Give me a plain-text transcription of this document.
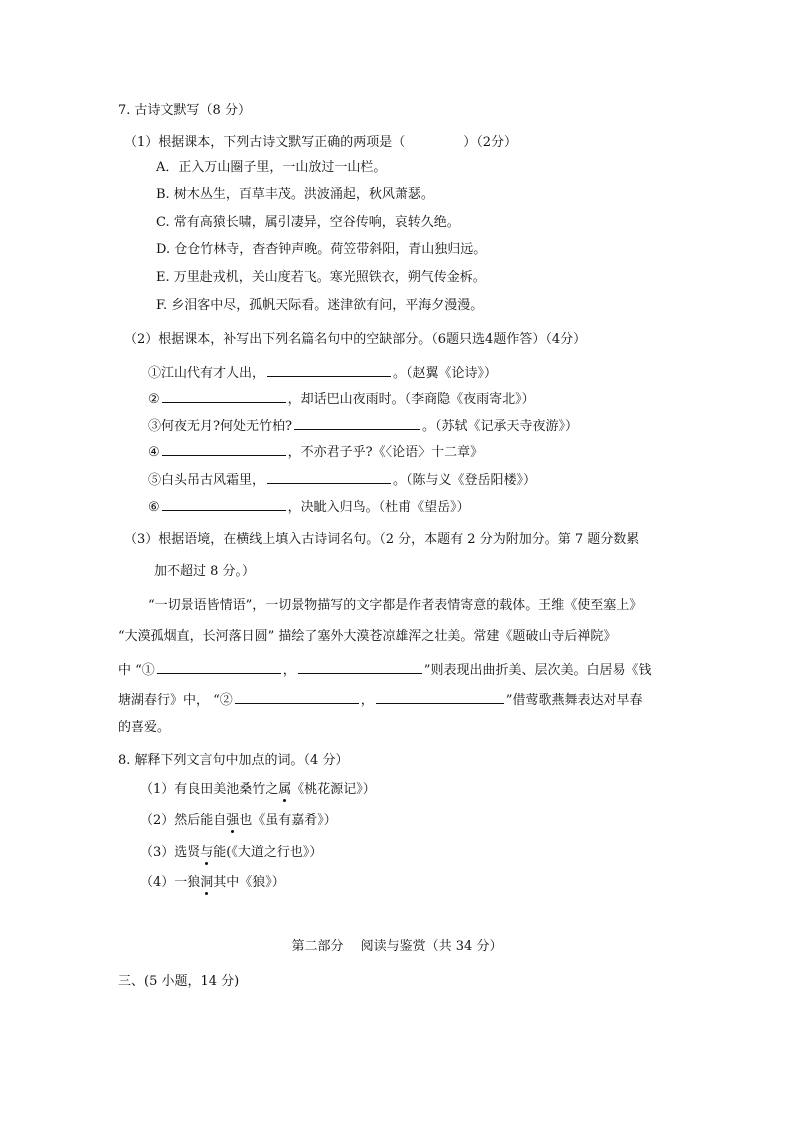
7. 古诗文默写（8 分）
（1）根据课本，下列古诗文默写正确的两项是（	）（2分）
A．正入万山圈子里，一山放过一山栏。
B. 树木丛生，百草丰茂。洪波涌起，秋风萧瑟。
C. 常有高猿长啸，属引凄异，空谷传响，哀转久绝。
D. 仓仓竹林寺，杳杳钟声晚。荷笠带斜阳，青山独归远。
E. 万里赴戎机，关山度若飞。寒光照铁衣，朔气传金柝。
F. 乡泪客中尽，孤帆天际看。迷津欲有问，平海夕漫漫。
（2）根据课本，补写出下列名篇名句中的空缺部分。（6题只选4题作答）（4分）
①江山代有才人出，	。（赵翼《论诗》）
②	，却话巴山夜雨时。（李商隐《夜雨寄北》）
③何夜无月?何处无竹柏?	。（苏轼《记承天寺夜游》）
④	，不亦君子乎?《〈论语〉十二章》
⑤白头吊古风霜里，	。（陈与义《登岳阳楼》）
⑥	，决眦入归鸟。（杜甫《望岳》）
（3）根据语境，在横线上填入古诗词名句。（2 分，本题有 2 分为附加分。第 7 题分数累
加不超过 8 分。）
“一切景语皆情语”，一切景物描写的文字都是作者表情寄意的载体。王维《使至塞上》
“大漠孤烟直，长河落日圆” 描绘了塞外大漠苍凉雄浑之壮美。常建《题破山寺后禅院》
中 “①	，	”则表现出曲折美、层次美。白居易《钱
塘湖春行》中， “②	，	”借莺歌燕舞表达对早春
的喜爱。
8. 解释下列文言句中加点的词。（4 分）
（1）有良田美池桑竹之属《桃花源记》）
（2）然后能自强也《虽有嘉肴》）
（3）选贤与能(《大道之行也》）
（4）一狼洞其中《狼》）
第二部分　 阅读与鉴赏（共 34 分）
三、(5 小题，14 分)
